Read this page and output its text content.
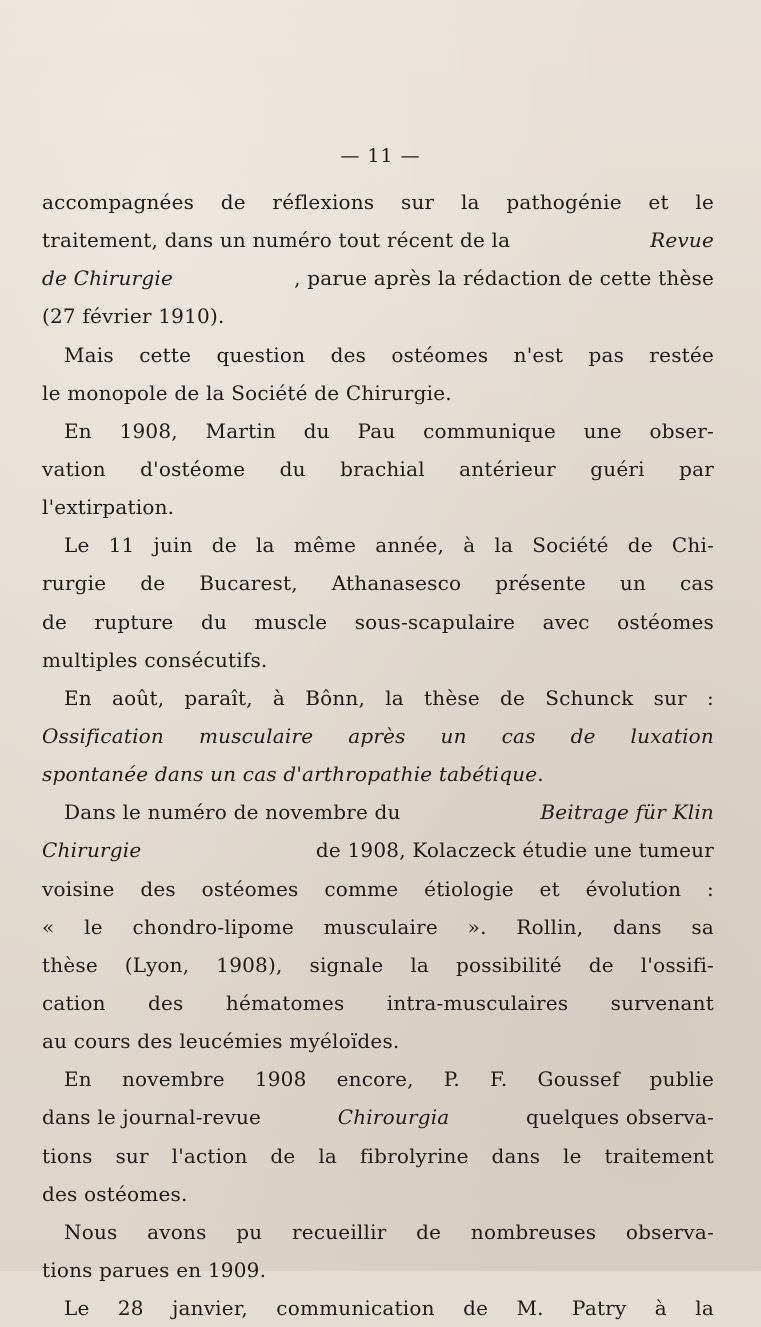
— 11 —
accompagnées de réflexions sur la pathogénie et le
traitement, dans un numéro tout récent de la	Revue
de Chirurgie	, parue après la rédaction de cette thèse
(27 février 1910).
Mais cette question des ostéomes n'est pas restée
le monopole de la Société de Chirurgie.
En 1908, Martin du Pau communique une obser-
vation d'ostéome du brachial antérieur guéri par
l'extirpation.
Le 11 juin de la même année, à la Société de Chi-
rurgie de Bucarest, Athanasesco présente un cas
de rupture du muscle sous-scapulaire avec ostéomes
multiples consécutifs.
En août, paraît, à Bônn, la thèse de Schunck sur :
Ossification musculaire après un cas de luxation
spontanée dans un cas d'arthropathie tabétique.
Dans le numéro de novembre du	Beitrage für Klin
Chirurgie	de 1908, Kolaczeck étudie une tumeur
voisine des ostéomes comme étiologie et évolution :
« le chondro-lipome musculaire ». Rollin, dans sa
thèse (Lyon, 1908), signale la possibilité de l'ossifi-
cation des hématomes intra-musculaires survenant
au cours des leucémies myéloïdes.
En novembre 1908 encore, P. F. Goussef publie
dans le journal-revue	Chirourgia	quelques observa-
tions sur l'action de la fibrolyrine dans le traitement
des ostéomes.
Nous avons pu recueillir de nombreuses observa-
tions parues en 1909.
Le 28 janvier, communication de M. Patry à la
